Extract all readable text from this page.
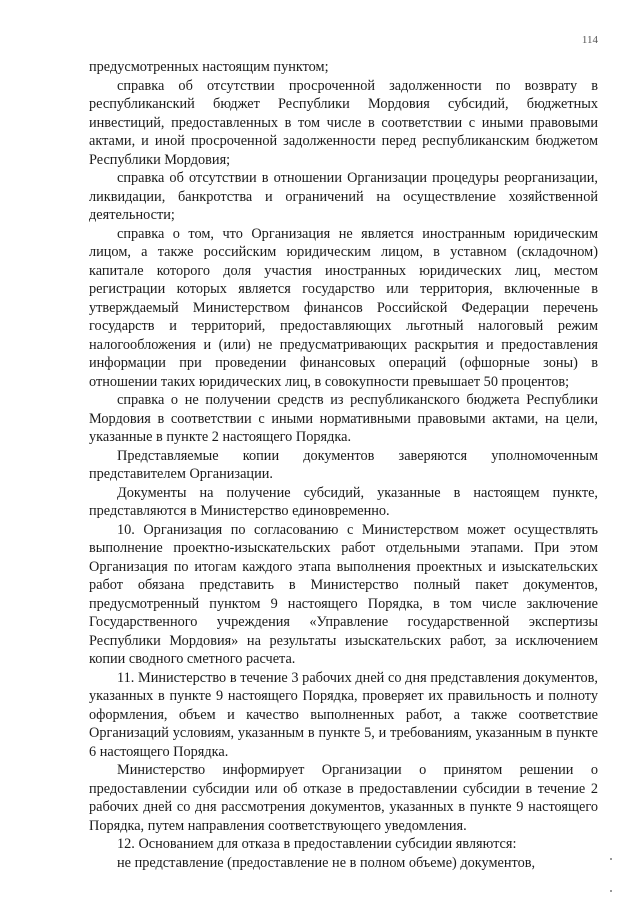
114

предусмотренных настоящим пунктом;

справка об отсутствии просроченной задолженности по возврату в республиканский бюджет Республики Мордовия субсидий, бюджетных инвестиций, предоставленных в том числе в соответствии с иными правовыми актами, и иной просроченной задолженности перед республиканским бюджетом Республики Мордовия;

справка об отсутствии в отношении Организации процедуры реорганизации, ликвидации, банкротства и ограничений на осуществление хозяйственной деятельности;

справка о том, что Организация не является иностранным юридическим лицом, а также российским юридическим лицом, в уставном (складочном) капитале которого доля участия иностранных юридических лиц, местом регистрации которых является государство или территория, включенные в утверждаемый Министерством финансов Российской Федерации перечень государств и территорий, предоставляющих льготный налоговый режим налогообложения и (или) не предусматривающих раскрытия и предоставления информации при проведении финансовых операций (офшорные зоны) в отношении таких юридических лиц, в совокупности превышает 50 процентов;

справка о не получении средств из республиканского бюджета Республики Мордовия в соответствии с иными нормативными правовыми актами, на цели, указанные в пункте 2 настоящего Порядка.

Представляемые копии документов заверяются уполномоченным представителем Организации.

Документы на получение субсидий, указанные в настоящем пункте, представляются в Министерство единовременно.

10. Организация по согласованию с Министерством может осуществлять выполнение проектно-изыскательских работ отдельными этапами. При этом Организация по итогам каждого этапа выполнения проектных и изыскательских работ обязана представить в Министерство полный пакет документов, предусмотренный пунктом 9 настоящего Порядка, в том числе заключение Государственного учреждения «Управление государственной экспертизы Республики Мордовия» на результаты изыскательских работ, за исключением копии сводного сметного расчета.

11. Министерство в течение 3 рабочих дней со дня представления документов, указанных в пункте 9 настоящего Порядка, проверяет их правильность и полноту оформления, объем и качество выполненных работ, а также соответствие Организаций условиям, указанным в пункте 5, и требованиям, указанным в пункте 6 настоящего Порядка.

Министерство информирует Организации о принятом решении о предоставлении субсидии или об отказе в предоставлении субсидии в течение 2 рабочих дней со дня рассмотрения документов, указанных в пункте 9 настоящего Порядка, путем направления соответствующего уведомления.

12. Основанием для отказа в предоставлении субсидии являются:

не представление (предоставление не в полном объеме) документов,
